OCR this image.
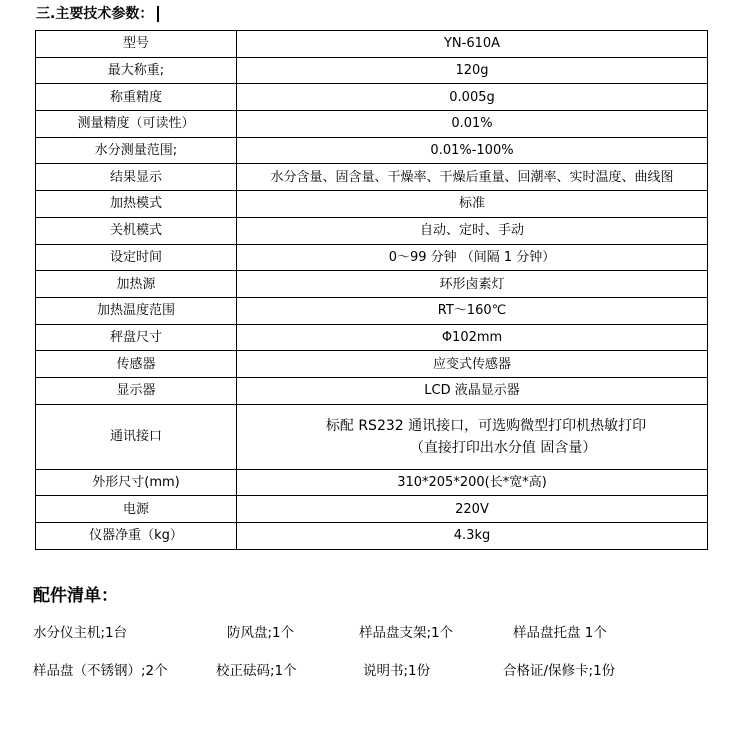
三.主要技术参数：
型号	YN-610A
最大称重;	120g
称重精度	0.005g
测量精度（可读性）	0.01%
水分测量范围;	0.01%-100%
结果显示	水分含量、固含量、干燥率、干燥后重量、回潮率、实时温度、曲线图
加热模式	标准
关机模式	自动、定时、手动
设定时间	0～99 分钟 （间隔 1 分钟）
加热源	环形卤素灯
加热温度范围	RT～160℃
秤盘尺寸	Φ102mm
传感器	应变式传感器
显示器	LCD 液晶显示器
通讯接口	标配 RS232 通讯接口，可选购微型打印机热敏打印
（直接打印出水分值 固含量）

外形尺寸(mm)	310*205*200(长*宽*高)
电源	220V
仪器净重（kg）	4.3kg
配件清单：
水分仪主机;1台	防风盘;1个	样品盘支架;1个	样品盘托盘 1个
样品盘（不锈钢）;2个	校正砝码;1个	说明书;1份	合格证/保修卡;1份
